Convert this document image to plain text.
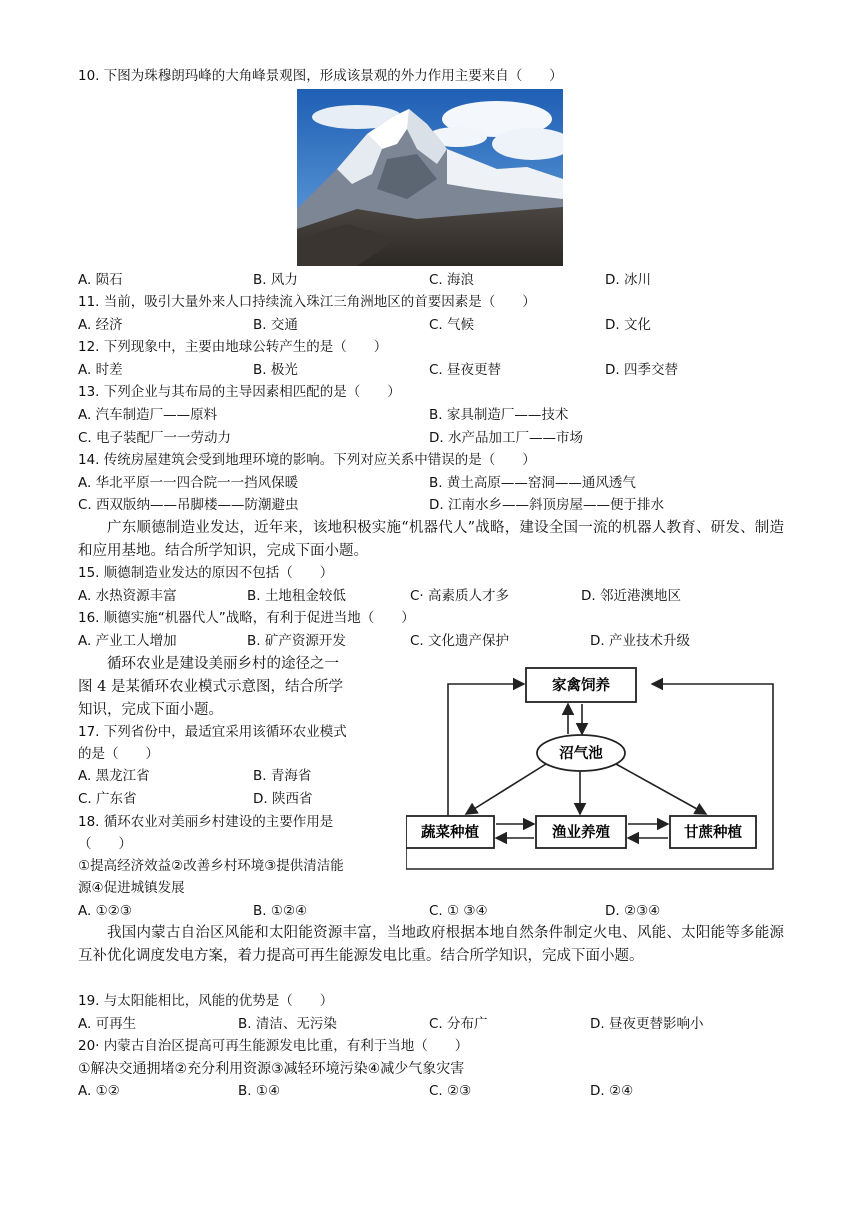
10. 下图为珠穆朗玛峰的大角峰景观图，形成该景观的外力作用主要来自（　　）
A. 陨石	B. 风力	C. 海浪	D. 冰川
11. 当前，吸引大量外来人口持续流入珠江三角洲地区的首要因素是（　　）
A. 经济	B. 交通	C. 气候	D. 文化
12. 下列现象中，主要由地球公转产生的是（　　）
A. 时差	B. 极光	C. 昼夜更替	D. 四季交替
13. 下列企业与其布局的主导因素相匹配的是（　　）
A. 汽车制造厂——原料	B. 家具制造厂——技术
C. 电子装配厂一一劳动力	D. 水产品加工厂——市场
14. 传统房屋建筑会受到地理环境的影响。下列对应关系中错误的是（　　）
A. 华北平原一一四合院一一挡风保暖	B. 黄土高原——窑洞——通风透气
C. 西双版纳——吊脚楼——防潮避虫	D. 江南水乡——斜顶房屋——便于排水
广东顺德制造业发达，近年来，该地积极实施“机器代人”战略，建设全国一流的机器人教育、研发、制造和应用基地。结合所学知识，完成下面小题。
15. 顺德制造业发达的原因不包括（　　）
A. 水热资源丰富	B. 土地租金较低	C· 高素质人才多	D. 邻近港澳地区
16. 顺德实施“机器代人”战略，有利于促进当地（　　）
A. 产业工人增加	B. 矿产资源开发	C. 文化遗产保护	D. 产业技术升级
循环农业是建设美丽乡村的途径之一
图 4 是某循环农业模式示意图，结合所学
知识，完成下面小题。
17. 下列省份中，最适宜采用该循环农业模式
的是（　　）
A. 黑龙江省	B. 青海省
C. 广东省	D. 陕西省
18. 循环农业对美丽乡村建设的主要作用是
（　　）
①提高经济效益②改善乡村环境③提供清洁能
源④促进城镇发展
A. ①②③	B. ①②④	C. ① ③④	D. ②③④
家禽饲养
沼气池
蔬菜种植	渔业养殖	甘蔗种植
我国内蒙古自治区风能和太阳能资源丰富，当地政府根据本地自然条件制定火电、风能、太阳能等多能源互补优化调度发电方案，着力提高可再生能源发电比重。结合所学知识，完成下面小题。
19. 与太阳能相比，风能的优势是（　　）
A. 可再生	B. 清洁、无污染	C. 分布广	D. 昼夜更替影响小
20· 内蒙古自治区提高可再生能源发电比重，有利于当地（　　）
①解决交通拥堵②充分利用资源③减轻环境污染④减少气象灾害
A. ①②	B. ①④	C. ②③	D. ②④
